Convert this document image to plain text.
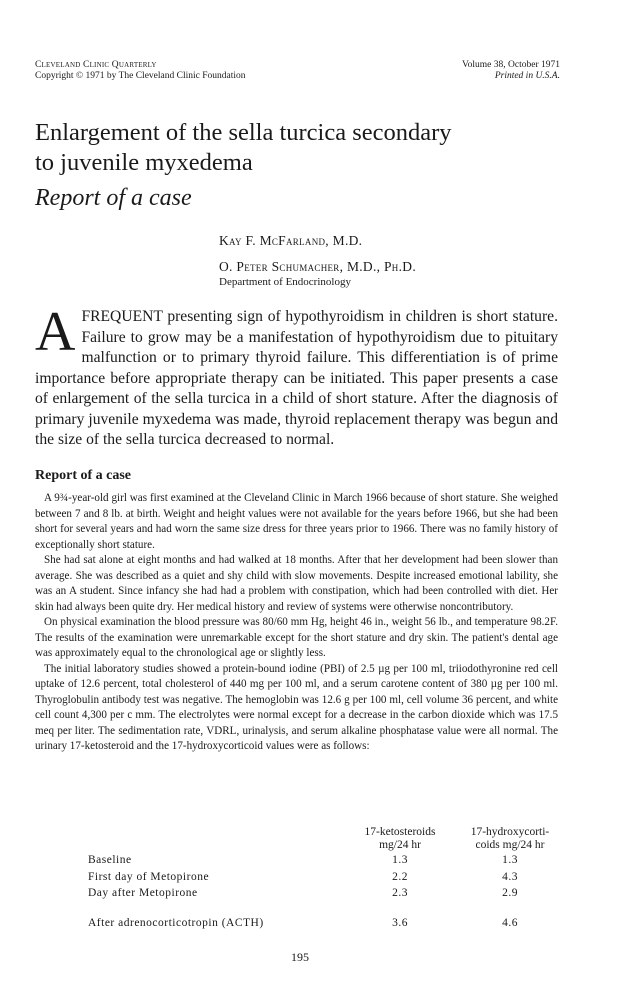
Cleveland Clinic Quarterly
Copyright © 1971 by The Cleveland Clinic Foundation
Volume 38, October 1971
Printed in U.S.A.
Enlargement of the sella turcica secondary
to juvenile myxedema
Report of a case
Kay F. McFarland, M.D.
O. Peter Schumacher, M.D., Ph.D.
Department of Endocrinology

A FREQUENT presenting sign of hypothyroidism in children is short stature. Failure to grow may be a manifestation of hypothyroidism due to pituitary malfunction or to primary thyroid failure. This differentiation is of prime importance before appropriate therapy can be initiated. This paper presents a case of enlargement of the sella turcica in a child of short stature. After the diagnosis of primary juvenile myxedema was made, thyroid replacement therapy was begun and the size of the sella turcica decreased to normal.

Report of a case

A 9¾-year-old girl was first examined at the Cleveland Clinic in March 1966 because of short stature. She weighed between 7 and 8 lb. at birth. Weight and height values were not available for the years before 1966, but she had been short for several years and had worn the same size dress for three years prior to 1966. There was no family history of exceptionally short stature.

She had sat alone at eight months and had walked at 18 months. After that her development had been slower than average. She was described as a quiet and shy child with slow movements. Despite increased emotional lability, she was an A student. Since infancy she had had a problem with constipation, which had been controlled with diet. Her skin had always been quite dry. Her medical history and review of systems were otherwise noncontributory.

On physical examination the blood pressure was 80/60 mm Hg, height 46 in., weight 56 lb., and temperature 98.2F. The results of the examination were unremarkable except for the short stature and dry skin. The patient's dental age was approximately equal to the chronological age or slightly less.

The initial laboratory studies showed a protein-bound iodine (PBI) of 2.5 µg per 100 ml, triiodothyronine red cell uptake of 12.6 percent, total cholesterol of 440 mg per 100 ml, and a serum carotene content of 380 µg per 100 ml. Thyroglobulin antibody test was negative. The hemoglobin was 12.6 g per 100 ml, cell volume 36 percent, and white cell count 4,300 per c mm. The electrolytes were normal except for a decrease in the carbon dioxide which was 17.5 meq per liter. The sedimentation rate, VDRL, urinalysis, and serum alkaline phosphatase value were all normal. The urinary 17-ketosteroid and the 17-hydroxycorticoid values were as follows:

17-ketosteroids
mg/24 hr
17-hydroxycorti-
coids mg/24 hr
Baseline	1.3	1.3
First day of Metopirone	2.2	4.3
Day after Metopirone	2.3	2.9
After adrenocorticotropin (ACTH)	3.6	4.6
195
